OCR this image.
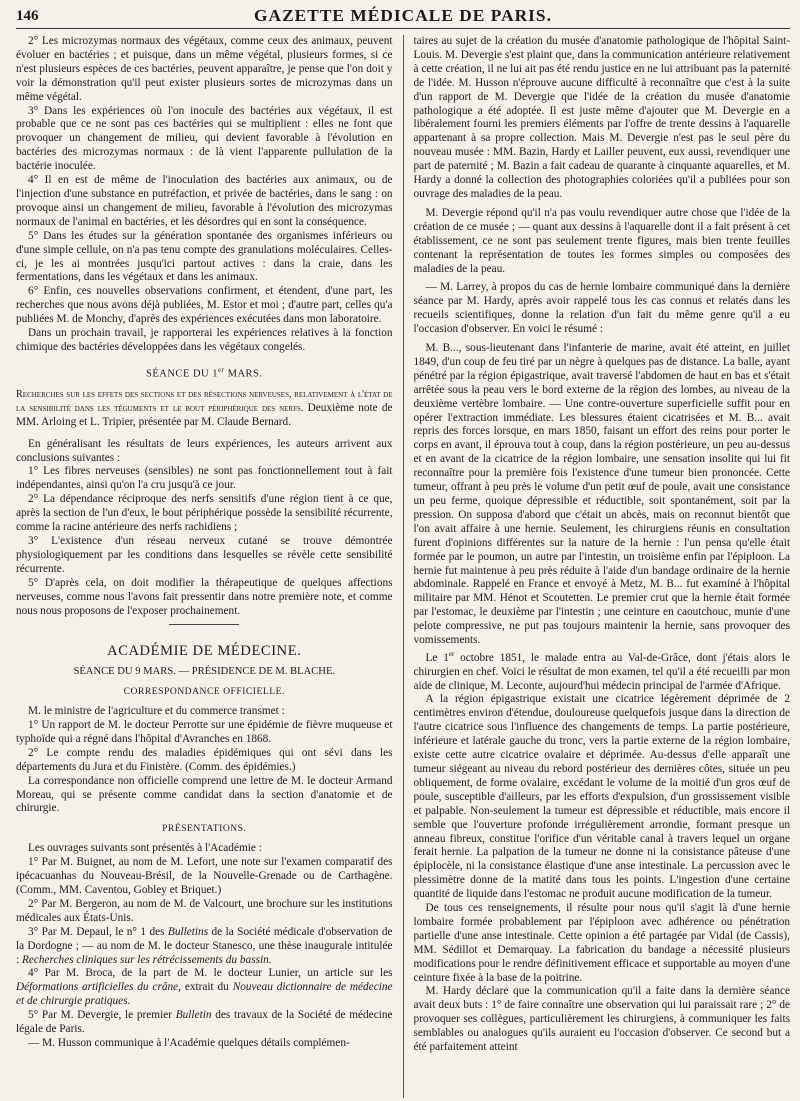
146	GAZETTE MÉDICALE DE PARIS.

2° Les microzymas normaux des végétaux, comme ceux des animaux, peuvent évoluer en bactéries ; et puisque, dans un même végétal, plusieurs formes, si ce n'est plusieurs espèces de ces bactéries, peuvent apparaître, je pense que l'on doit y voir la démonstration qu'il peut exister plusieurs sortes de microzymas dans un même végétal.

3° Dans les expériences où l'on inocule des bactéries aux végétaux, il est probable que ce ne sont pas ces bactéries qui se multiplient : elles ne font que provoquer un changement de milieu, qui devient favorable à l'évolution en bactéries des microzymas normaux : de là vient l'apparente pullulation de la bactérie inoculée.

4° Il en est de même de l'inoculation des bactéries aux animaux, ou de l'injection d'une substance en putréfaction, et privée de bactéries, dans le sang : on provoque ainsi un changement de milieu, favorable à l'évolution des microzymas normaux de l'animal en bactéries, et les désordres qui en sont la conséquence.

5° Dans les études sur la génération spontanée des organismes inférieurs ou d'une simple cellule, on n'a pas tenu compte des granulations moléculaires. Celles-ci, je les ai montrées jusqu'ici partout actives : dans la craie, dans les fermentations, dans les végétaux et dans les animaux.

6° Enfin, ces nouvelles observations confirment, et étendent, d'une part, les recherches que nous avons déjà publiées, M. Estor et moi ; d'autre part, celles qu'a publiées M. de Monchy, d'après des expériences exécutées dans mon laboratoire.

Dans un prochain travail, je rapporterai les expériences relatives à la fonction chimique des bactéries développées dans les végétaux congelés.

SÉANCE DU 1er MARS.

Recherches sur les effets des sections et des résections nerveuses, relativement à l'état de la sensibilité dans les téguments et le bout périphérique des nerfs. Deuxième note de MM. Arloing et L. Tripier, présentée par M. Claude Bernard.

En généralisant les résultats de leurs expériences, les auteurs arrivent aux conclusions suivantes :

1° Les fibres nerveuses (sensibles) ne sont pas fonctionnellement tout à fait indépendantes, ainsi qu'on l'a cru jusqu'à ce jour.

2° La dépendance réciproque des nerfs sensitifs d'une région tient à ce que, après la section de l'un d'eux, le bout périphérique possède la sensibilité récurrente, comme la racine antérieure des nerfs rachidiens ;

3° L'existence d'un réseau nerveux cutané se trouve démontrée physiologiquement par les conditions dans lesquelles se révèle cette sensibilité récurrente.

5° D'après cela, on doit modifier la thérapeutique de quelques affections nerveuses, comme nous l'avons fait pressentir dans notre première note, et comme nous nous proposons de l'exposer prochainement.

ACADÉMIE DE MÉDECINE.
SÉANCE DU 9 MARS. — PRÉSIDENCE DE M. BLACHE.
CORRESPONDANCE OFFICIELLE.

M. le ministre de l'agriculture et du commerce transmet :

1° Un rapport de M. le docteur Perrotte sur une épidémie de fièvre muqueuse et typhoïde qui a régné dans l'hôpital d'Avranches en 1868.

2° Le compte rendu des maladies épidémiques qui ont sévi dans les départements du Jura et du Finistère. (Comm. des épidémies.)

La correspondance non officielle comprend une lettre de M. le docteur Armand Moreau, qui se présente comme candidat dans la section d'anatomie et de chirurgie.

PRÉSENTATIONS.

Les ouvrages suivants sont présentés à l'Académie :

1° Par M. Buignet, au nom de M. Lefort, une note sur l'examen comparatif des ipécacuanhas du Nouveau-Brésil, de la Nouvelle-Grenade ou de Carthagène. (Comm., MM. Caventou, Gobley et Briquet.)

2° Par M. Bergeron, au nom de M. de Valcourt, une brochure sur les institutions médicales aux États-Unis.

3° Par M. Depaul, le n° 1 des Bulletins de la Société médicale d'observation de la Dordogne ; — au nom de M. le docteur Stanesco, une thèse inaugurale intitulée : Recherches cliniques sur les rétrécissements du bassin.

4° Par M. Broca, de la part de M. le docteur Lunier, un article sur les Déformations artificielles du crâne, extrait du Nouveau dictionnaire de médecine et de chirurgie pratiques.

5° Par M. Devergie, le premier Bulletin des travaux de la Société de médecine légale de Paris.

— M. Husson communique à l'Académie quelques détails complémen-

taires au sujet de la création du musée d'anatomie pathologique de l'hôpital Saint-Louis. M. Devergie s'est plaint que, dans la communication antérieure relativement à cette création, il ne lui ait pas été rendu justice en ne lui attribuant pas la paternité de l'idée. M. Husson n'éprouve aucune difficulté à reconnaître que c'est à la suite d'un rapport de M. Devergie que l'idée de la création du musée d'anatomie pathologique a été adoptée. Il est juste même d'ajouter que M. Devergie en a libéralement fourni les premiers éléments par l'offre de trente dessins à l'aquarelle appartenant à sa propre collection. Mais M. Devergie n'est pas le seul père du nouveau musée : MM. Bazin, Hardy et Lailler peuvent, eux aussi, revendiquer une part de paternité ; M. Bazin a fait cadeau de quarante à cinquante aquarelles, et M. Hardy a donné la collection des photographies coloriées qu'il a publiées pour son ouvrage des maladies de la peau.

M. Devergie répond qu'il n'a pas voulu revendiquer autre chose que l'idée de la création de ce musée ; — quant aux dessins à l'aquarelle dont il a fait présent à cet établissement, ce ne sont pas seulement trente figures, mais bien trente feuilles contenant la représentation de toutes les formes simples ou composées des maladies de la peau.

— M. Larrey, à propos du cas de hernie lombaire communiqué dans la dernière séance par M. Hardy, après avoir rappelé tous les cas connus et relatés dans les recueils scientifiques, donne la relation d'un fait du même genre qu'il a eu l'occasion d'observer. En voici le résumé :

M. B..., sous-lieutenant dans l'infanterie de marine, avait été atteint, en juillet 1849, d'un coup de feu tiré par un nègre à quelques pas de distance. La balle, ayant pénétré par la région épigastrique, avait traversé l'abdomen de haut en bas et s'était arrêtée sous la peau vers le bord externe de la région des lombes, au niveau de la deuxième vertèbre lombaire. — Une contre-ouverture superficielle suffit pour en opérer l'extraction immédiate. Les blessures étaient cicatrisées et M. B... avait repris des forces lorsque, en mars 1850, faisant un effort des reins pour porter le corps en avant, il éprouva tout à coup, dans la région postérieure, un peu au-dessus et en avant de la cicatrice de la région lombaire, une sensation insolite qui lui fit reconnaître pour la première fois l'existence d'une tumeur bien prononcée. Cette tumeur, offrant à peu près le volume d'un petit œuf de poule, avait une consistance un peu ferme, quoique dépressible et réductible, soit spontanément, soit par la pression. On supposa d'abord que c'était un abcès, mais on reconnut bientôt que l'on avait affaire à une hernie. Seulement, les chirurgiens réunis en consultation furent d'opinions différentes sur la nature de la hernie : l'un pensa qu'elle était formée par le poumon, un autre par l'intestin, un troisième enfin par l'épiploon. La hernie fut maintenue à peu près réduite à l'aide d'un bandage ordinaire de la hernie abdominale. Rappelé en France et envoyé à Metz, M. B... fut examiné à l'hôpital militaire par MM. Hénot et Scoutetten. Le premier crut que la hernie était formée par l'estomac, le deuxième par l'intestin ; une ceinture en caoutchouc, munie d'une pelote compressive, ne put pas toujours maintenir la hernie, sans provoquer des vomissements.

Le 1er octobre 1851, le malade entra au Val-de-Grâce, dont j'étais alors le chirurgien en chef. Voici le résultat de mon examen, tel qu'il a été recueilli par mon aide de clinique, M. Leconte, aujourd'hui médecin principal de l'armée d'Afrique.

A la région épigastrique existait une cicatrice légèrement déprimée de 2 centimètres environ d'étendue, douloureuse quelquefois jusque dans la direction de l'autre cicatrice sous l'influence des changements de temps. La partie postérieure, inférieure et latérale gauche du tronc, vers la partie externe de la région lombaire, existe cette autre cicatrice ovalaire et déprimée. Au-dessus d'elle apparaît une tumeur siégeant au niveau du rebord postérieur des dernières côtes, située un peu obliquement, de forme ovalaire, excédant le volume de la moitié d'un gros œuf de poule, susceptible d'ailleurs, par les efforts d'expulsion, d'un grossissement visible et palpable. Non-seulement la tumeur est dépressible et réductible, mais encore il semble que l'ouverture profonde irrégulièrement arrondie, formant presque un anneau fibreux, constitue l'orifice d'un véritable canal à travers lequel un organe ferait hernie. La palpation de la tumeur ne donne ni la consistance pâteuse d'une épiplocèle, ni la consistance élastique d'une anse intestinale. La percussion avec le plessimètre donne de la matité dans tous les points. L'ingestion d'une certaine quantité de liquide dans l'estomac ne produit aucune modification de la tumeur.

De tous ces renseignements, il résulte pour nous qu'il s'agit là d'une hernie lombaire formée probablement par l'épiploon avec adhérence ou pénétration partielle d'une anse intestinale. Cette opinion a été partagée par Vidal (de Cassis), MM. Sédillot et Demarquay. La fabrication du bandage a nécessité plusieurs modifications pour le rendre définitivement efficace et supportable au moyen d'une ceinture fixée à la base de la poitrine.

M. Hardy déclare que la communication qu'il a faite dans la dernière séance avait deux buts : 1° de faire connaître une observation qui lui paraissait rare ; 2° de provoquer ses collègues, particulièrement les chirurgiens, à communiquer les faits semblables ou analogues qu'ils auraient eu l'occasion d'observer. Ce second but a été parfaitement atteint
